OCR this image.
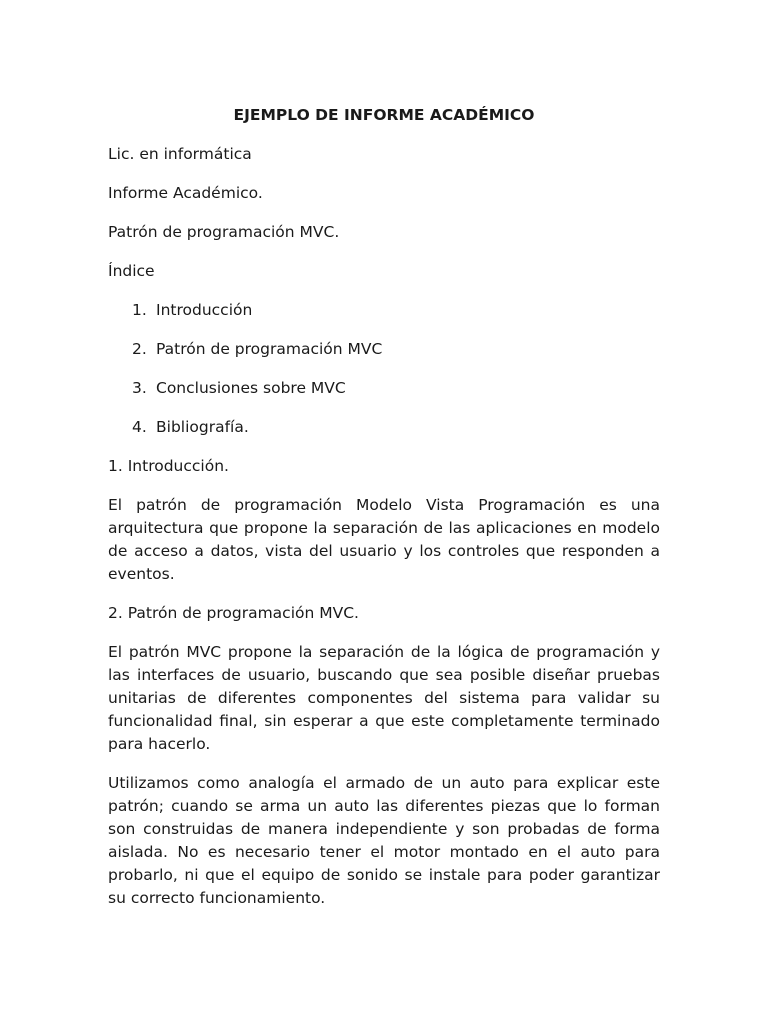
EJEMPLO DE INFORME ACADÉMICO

Lic. en informática

Informe Académico.

Patrón de programación MVC.

Índice

1. Introducción
2. Patrón de programación MVC
3. Conclusiones sobre MVC
4. Bibliografía.

1. Introducción.

El patrón de programación Modelo Vista Programación es una arquitectura que propone la separación de las aplicaciones en modelo de acceso a datos, vista del usuario y los controles que responden a eventos.

2. Patrón de programación MVC.

El patrón MVC propone la separación de la lógica de programación y las interfaces de usuario, buscando que sea posible diseñar pruebas unitarias de diferentes componentes del sistema para validar su funcionalidad final, sin esperar a que este completamente terminado para hacerlo.

Utilizamos como analogía el armado de un auto para explicar este patrón; cuando se arma un auto las diferentes piezas que lo forman son construidas de manera independiente y son probadas de forma aislada. No es necesario tener el motor montado en el auto para probarlo, ni que el equipo de sonido se instale para poder garantizar su correcto funcionamiento.
